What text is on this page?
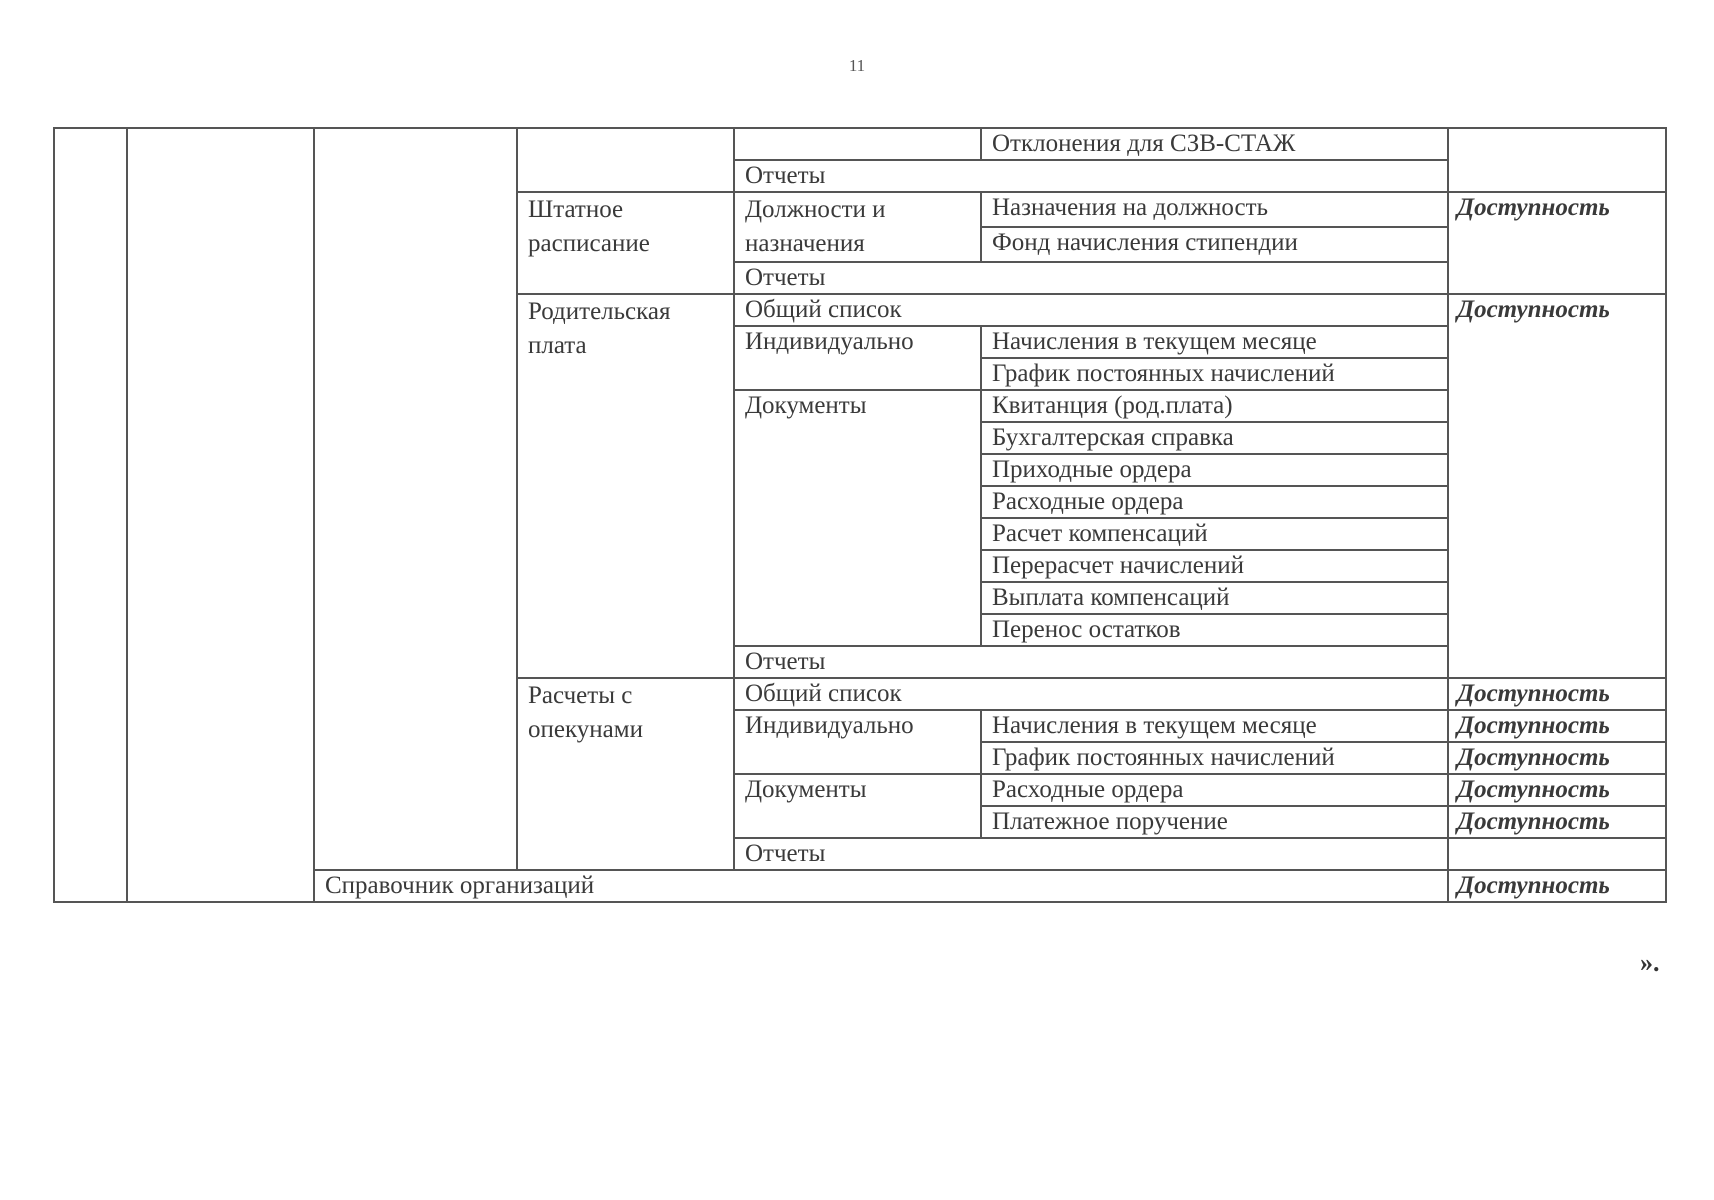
11
					Отклонения для СЗВ-СТАЖ	
				Отчеты		
			Штатное расписание	Должности и назначения	Назначения на должность	Доступность
					Фонд начисления стипендии	
				Отчеты		
			Родительская плата	Общий список		Доступность
				Индивидуально	Начисления в текущем месяце	
					График постоянных начислений	
				Документы	Квитанция (род.плата)	
					Бухгалтерская справка	
					Приходные ордера	
					Расходные ордера	
					Расчет компенсаций	
					Перерасчет начислений	
					Выплата компенсаций	
					Перенос остатков	
				Отчеты		
			Расчеты с опекунами	Общий список		Доступность
				Индивидуально	Начисления в текущем месяце	Доступность
					График постоянных начислений	Доступность
				Документы	Расходные ордера	Доступность
					Платежное поручение	Доступность
				Отчеты		
		Справочник организаций				Доступность
».
